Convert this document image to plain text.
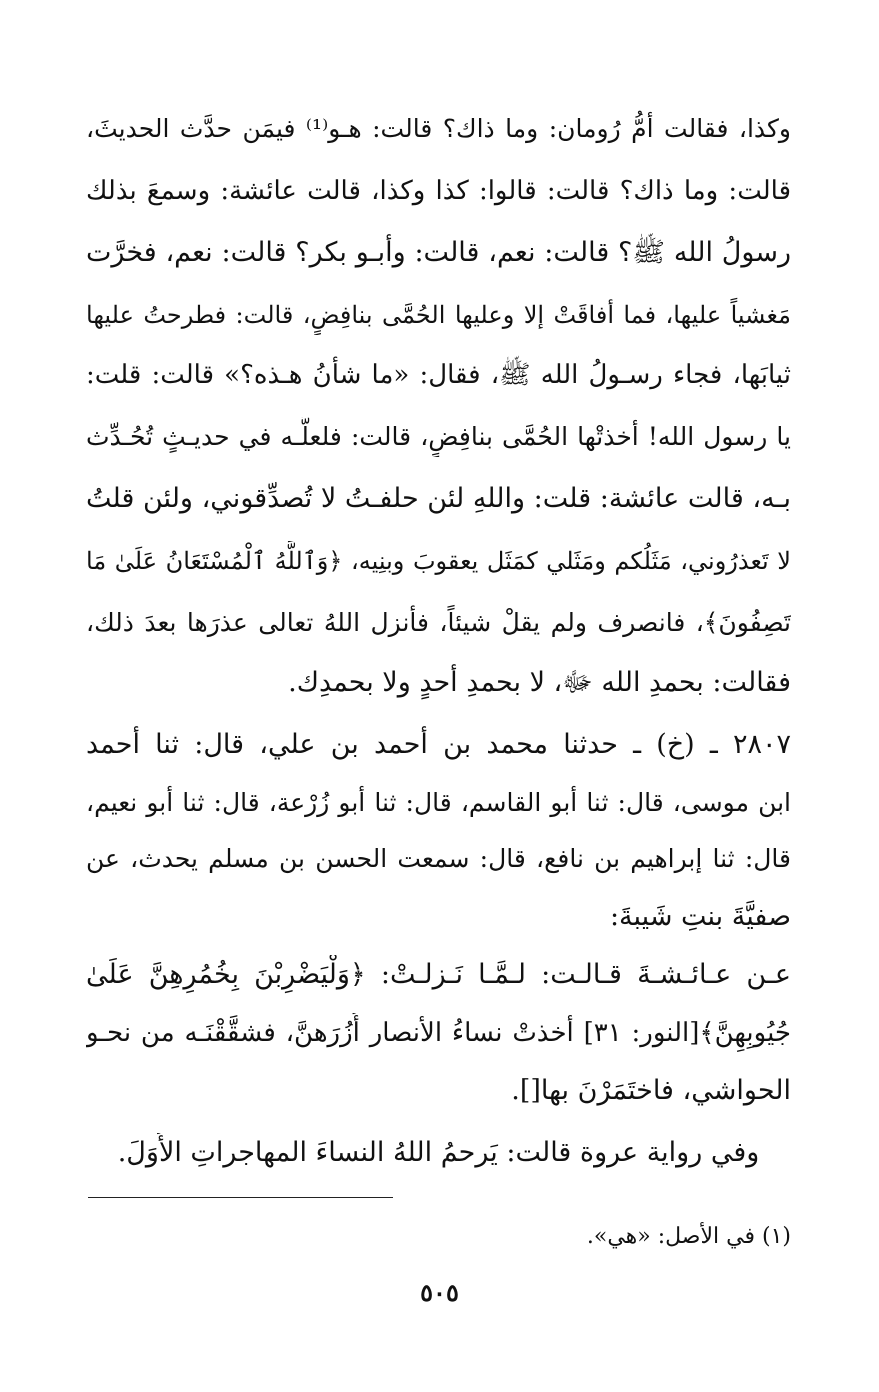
وكذا، فقالت أمُّ رُومان: وما ذاك؟ قالت: هـو⁽¹⁾ فيمَن حدَّث الحديثَ،
قالت: وما ذاك؟ قالت: قالوا: كذا وكذا، قالت عائشة: وسمعَ بذلك
رسولُ الله ﷺ؟ قالت: نعم، قالت: وأبـو بكر؟ قالت: نعم، فخرَّت
مَغشياً عليها، فما أفاقَتْ إلا وعليها الحُمَّى بنافِضٍ، قالت: فطرحتُ عليها
ثيابَها، فجاء رسـولُ الله ﷺ، فقال: «ما شأنُ هـذه؟» قالت: قلت:
يا رسول الله! أخذتْها الحُمَّى بنافِضٍ، قالت: فلعلَّـه في حديـثٍ تُحُـدِّث
بـه، قالت عائشة: قلت: واللهِ لئن حلفـتُ لا تُصدِّقوني، ولئن قلتُ
لا تَعذرُوني، مَثَلُكم ومَثَلي كمَثَل يعقوبَ وبنِيه، ﴿وَٱللَّهُ ٱلْمُسْتَعَانُ عَلَىٰ مَا
تَصِفُونَ﴾، فانصرف ولم يقلْ شيئاً، فأنزل اللهُ تعالى عذرَها بعدَ ذلك،
فقالت: بحمدِ الله ﷻ، لا بحمدِ أحدٍ ولا بحمدِك.
٢٨٠٧ ـ (خ) ـ حدثنا محمد بن أحمد بن علي، قال: ثنا أحمد
ابن موسى، قال: ثنا أبو القاسم، قال: ثنا أبو زُرْعة، قال: ثنا أبو نعيم،
قال: ثنا إبراهيم بن نافع، قال: سمعت الحسن بن مسلم يحدث، عن
صفيَّةَ بنتِ شَيبةَ:
عـن عـائـشـةَ قـالـت: لـمَّـا نَـزلـتْ: ﴿وَلْيَضْرِبْنَ بِخُمُرِهِنَّ عَلَىٰ
جُيُوبِهِنَّ﴾[النور: ٣١] أخذتْ نساءُ الأنصار أُزُرَهنَّ، فشقَّقْنَـه من نحـو
الحواشي، فاختَمَرْنَ بها[].
وفي رواية عروة قالت: يَرحمُ اللهُ النساءَ المهاجراتِ الأُوَلَ.
(١) في الأصل: «هي».
٥٠٥
